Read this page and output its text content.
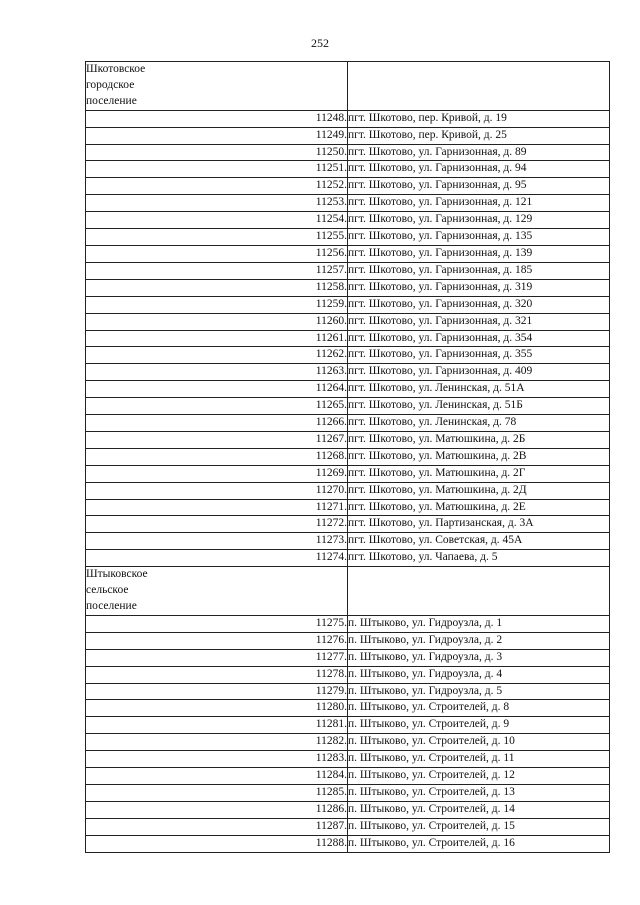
252
Шкотовское
городское
поселение	

11248.	пгт. Шкотово, пер. Кривой, д. 19
11249.	пгт. Шкотово, пер. Кривой, д. 25
11250.	пгт. Шкотово, ул. Гарнизонная, д. 89
11251.	пгт. Шкотово, ул. Гарнизонная, д. 94
11252.	пгт. Шкотово, ул. Гарнизонная, д. 95
11253.	пгт. Шкотово, ул. Гарнизонная, д. 121
11254.	пгт. Шкотово, ул. Гарнизонная, д. 129
11255.	пгт. Шкотово, ул. Гарнизонная, д. 135
11256.	пгт. Шкотово, ул. Гарнизонная, д. 139
11257.	пгт. Шкотово, ул. Гарнизонная, д. 185
11258.	пгт. Шкотово, ул. Гарнизонная, д. 319
11259.	пгт. Шкотово, ул. Гарнизонная, д. 320
11260.	пгт. Шкотово, ул. Гарнизонная, д. 321
11261.	пгт. Шкотово, ул. Гарнизонная, д. 354
11262.	пгт. Шкотово, ул. Гарнизонная, д. 355
11263.	пгт. Шкотово, ул. Гарнизонная, д. 409
11264.	пгт. Шкотово, ул. Ленинская, д. 51А
11265.	пгт. Шкотово, ул. Ленинская, д. 51Б
11266.	пгт. Шкотово, ул. Ленинская, д. 78
11267.	пгт. Шкотово, ул. Матюшкина, д. 2Б
11268.	пгт. Шкотово, ул. Матюшкина, д. 2В
11269.	пгт. Шкотово, ул. Матюшкина, д. 2Г
11270.	пгт. Шкотово, ул. Матюшкина, д. 2Д
11271.	пгт. Шкотово, ул. Матюшкина, д. 2Е
11272.	пгт. Шкотово, ул. Партизанская, д. 3А
11273.	пгт. Шкотово, ул. Советская, д. 45А
11274.	пгт. Шкотово, ул. Чапаева, д. 5

Штыковское
сельское
поселение	

11275.	п. Штыково, ул. Гидроузла, д. 1
11276.	п. Штыково, ул. Гидроузла, д. 2
11277.	п. Штыково, ул. Гидроузла, д. 3
11278.	п. Штыково, ул. Гидроузла, д. 4
11279.	п. Штыково, ул. Гидроузла, д. 5
11280.	п. Штыково, ул. Строителей, д. 8
11281.	п. Штыково, ул. Строителей, д. 9
11282.	п. Штыково, ул. Строителей, д. 10
11283.	п. Штыково, ул. Строителей, д. 11
11284.	п. Штыково, ул. Строителей, д. 12
11285.	п. Штыково, ул. Строителей, д. 13
11286.	п. Штыково, ул. Строителей, д. 14
11287.	п. Штыково, ул. Строителей, д. 15
11288.	п. Штыково, ул. Строителей, д. 16
